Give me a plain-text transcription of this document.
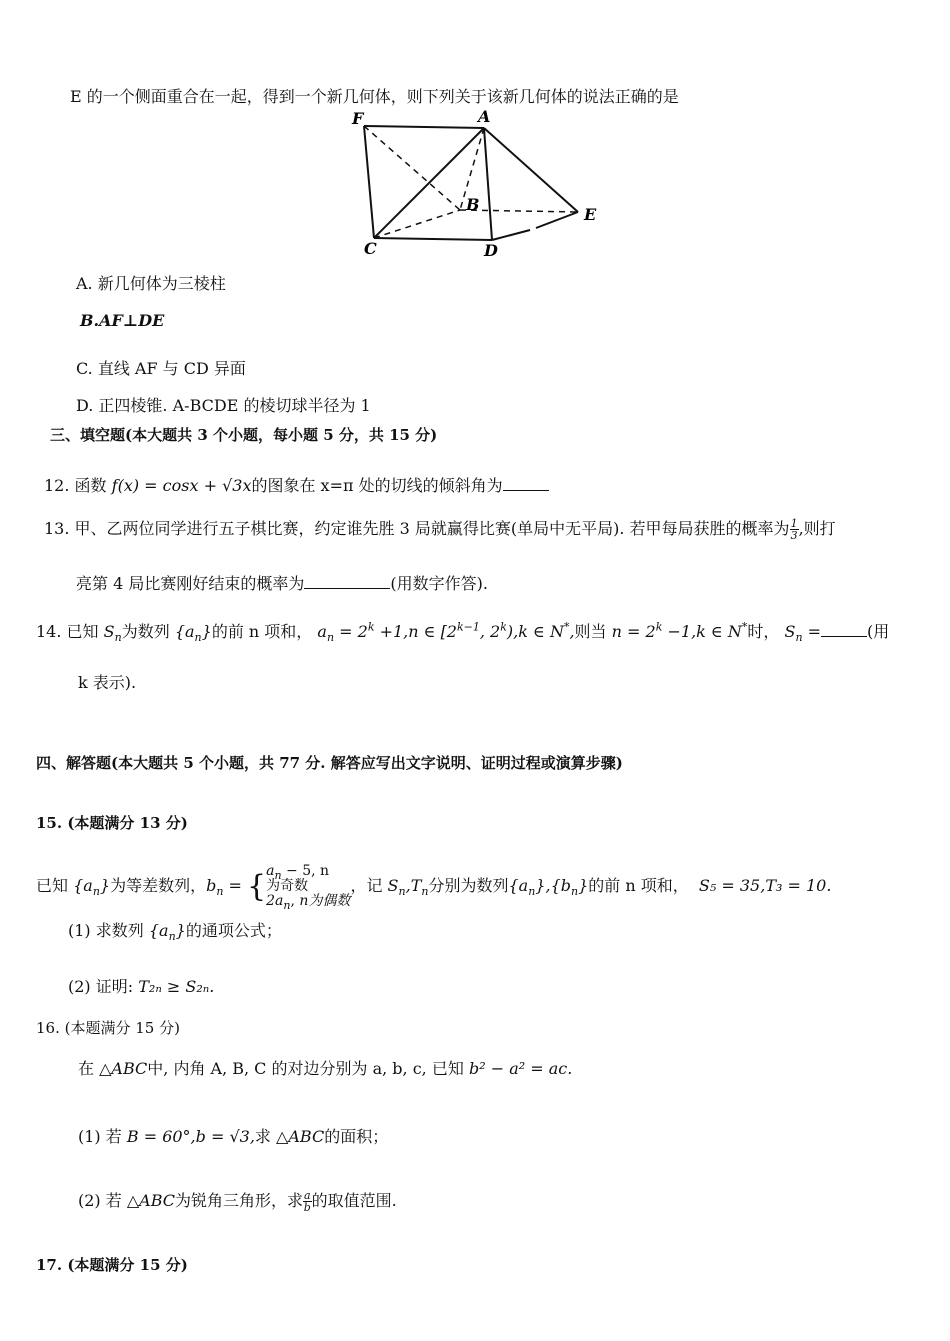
E 的一个侧面重合在一起，得到一个新几何体，则下列关于该新几何体的说法正确的是
F	A
B
C	D
E
A. 新几何体为三棱柱
B.AF⊥DE
C. 直线 AF 与 CD 异面
D. 正四棱锥. A-BCDE 的棱切球半径为 1
三、填空题(本大题共 3 个小题，每小题 5 分，共 15 分)
12. 函数 f(x) = cosx + √3x的图象在 x=π 处的切线的倾斜角为
13. 甲、乙两位同学进行五子棋比赛，约定谁先胜 3 局就赢得比赛(单局中无平局). 若甲每局获胜的概率为 $\frac{1}{3}$ ,则打
亮第 4 局比赛刚好结束的概率为	(用数字作答).
14. 已知 $S_n$为数列 $\{a_n\}$的前 n 项和， $a_n = 2^k +1,n$ ∈ [$2^{k-1}$, 2$^k$),k ∈ N*,则当 $n = 2^k -1,k$ ∈ N*时， $S_n$ =	(用
k 表示).
四、解答题(本大题共 5 个小题，共 77 分. 解答应写出文字说明、证明过程或演算步骤)
15. (本题满分 13 分)
已知 $\{a_n\}$为等差数列，$b_n$ = { $a_n - 5$, n
为奇数
$2a_n$, n为偶数
，记 $S_n,T_n$分别为数列$\{a_n\},\{b_n\}$的前 n 项和， S₅ = 35,T₃ = 10.
(1) 求数列 $\{a_n\}$的通项公式；
(2) 证明: T₂ₙ ≥ S₂ₙ.
16. (本题满分 15 分)
在 △ABC中, 内角 A, B, C 的对边分别为 a, b, c, 已知 b² − a² = ac.
(1) 若 B = 60°,b = √3,求 △ABC的面积；
(2) 若 △ABC为锐角三角形，求 $\frac{a}{b}$ 的取值范围.
17. (本题满分 15 分)
